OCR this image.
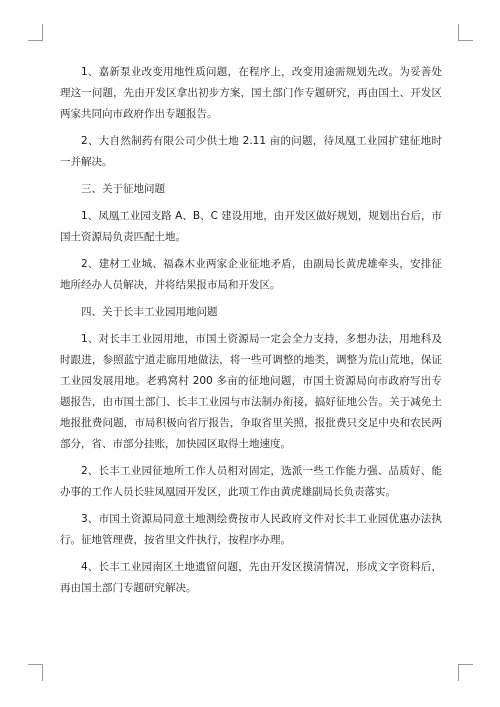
1、嘉新泵业改变用地性质问题，在程序上，改变用途需规划先改。为妥善处理这一问题，先由开发区拿出初步方案，国土部门作专题研究，再由国土、开发区两家共同向市政府作出专题报告。

2、大自然制药有限公司少供土地 2.11 亩的问题，待凤凰工业园扩建征地时一并解决。

三、关于征地问题

1、凤凰工业园支路 A、B、C 建设用地，由开发区做好规划，规划出台后，市国土资源局负责匹配土地。

2、建材工业城、福森木业两家企业征地矛盾，由副局长黄虎雄牵头，安排征地所经办人员解决，并将结果报市局和开发区。

四、关于长丰工业园用地问题

1、对长丰工业园用地，市国土资源局一定会全力支持，多想办法，用地科及时跟进，参照蓝宁道走廊用地做法，将一些可调整的地类，调整为荒山荒地，保证工业园发展用地。老鸦窝村 200 多亩的征地问题，市国土资源局向市政府写出专题报告，由市国土部门、长丰工业园与市法制办衔接，搞好征地公告。关于减免土地报批费问题，市局积极向省厅报告，争取省里关照，报批费只交足中央和农民两部分，省、市部分挂账，加快园区取得土地速度。

2、长丰工业园征地所工作人员相对固定，选派一些工作能力强、品质好、能办事的工作人员长驻凤凰园开发区，此项工作由黄虎雄副局长负责落实。

3、市国土资源局同意土地测绘费按市人民政府文件对长丰工业园优惠办法执行。征地管理费，按省里文件执行，按程序办理。

4、长丰工业园南区土地遗留问题，先由开发区摸清情况，形成文字资料后，再由国土部门专题研究解决。
